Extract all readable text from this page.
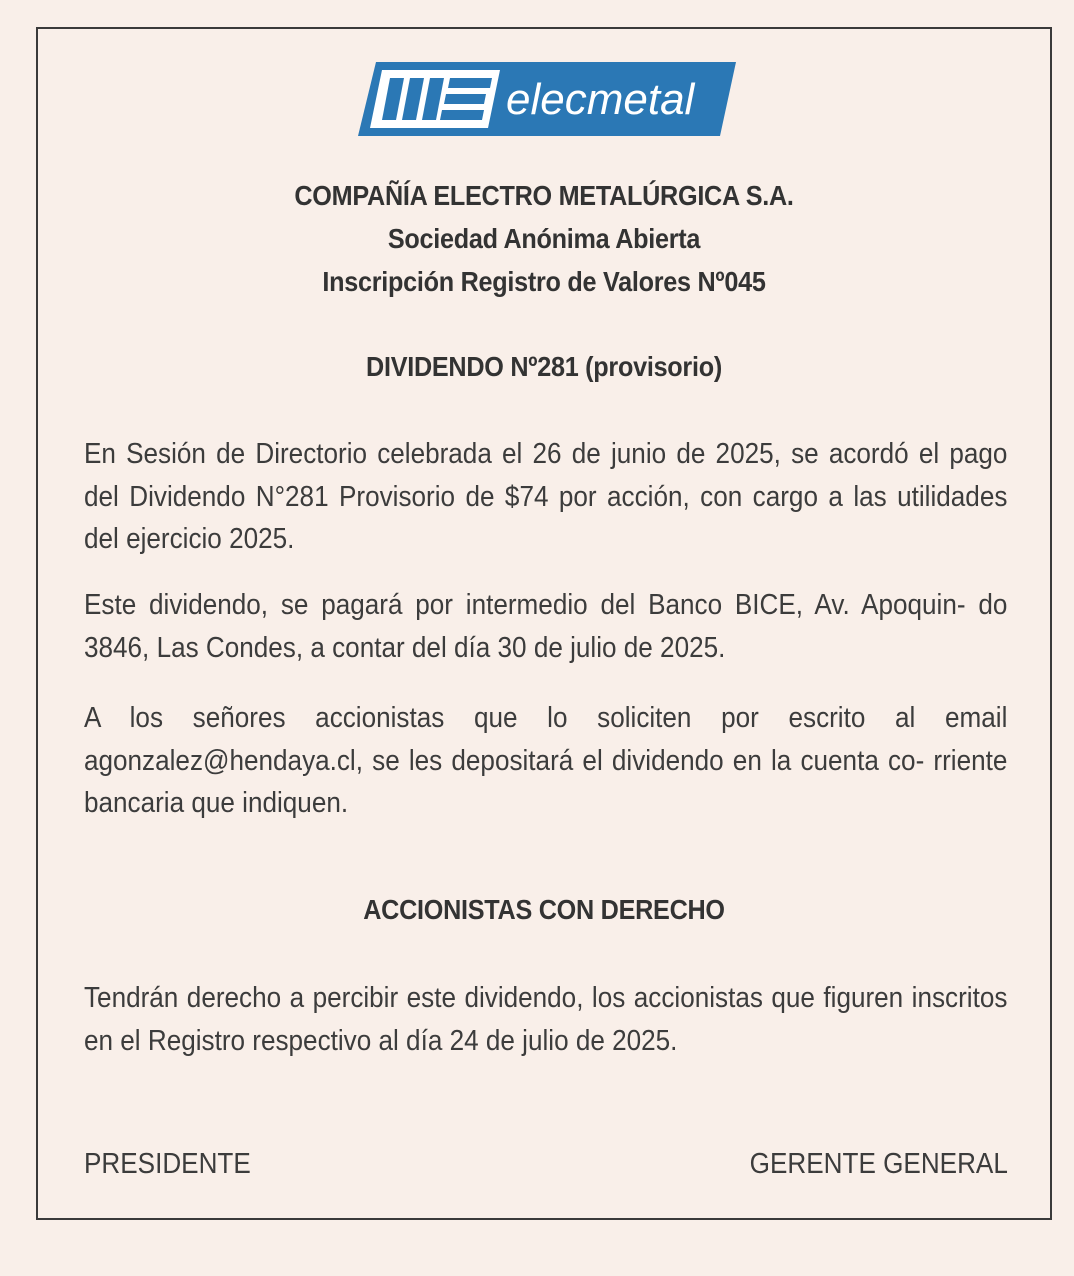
elecmetal
COMPAÑÍA ELECTRO METALÚRGICA S.A.
Sociedad Anónima Abierta
Inscripción Registro de Valores Nº045
DIVIDENDO Nº281 (provisorio)

En Sesión de Directorio celebrada el 26 de junio de 2025, se acordó el pago del Dividendo N°281 Provisorio de $74 por acción, con cargo a las utilidades del ejercicio 2025.

Este dividendo, se pagará por intermedio del Banco BICE, Av. Apoquin- do 3846, Las Condes, a contar del día 30 de julio de 2025.

A los señores accionistas que lo soliciten por escrito al email agonzalez@hendaya.cl, se les depositará el dividendo en la cuenta co- rriente bancaria que indiquen.

ACCIONISTAS CON DERECHO

Tendrán derecho a percibir este dividendo, los accionistas que figuren inscritos en el Registro respectivo al día 24 de julio de 2025.

PRESIDENTE	GERENTE GENERAL
